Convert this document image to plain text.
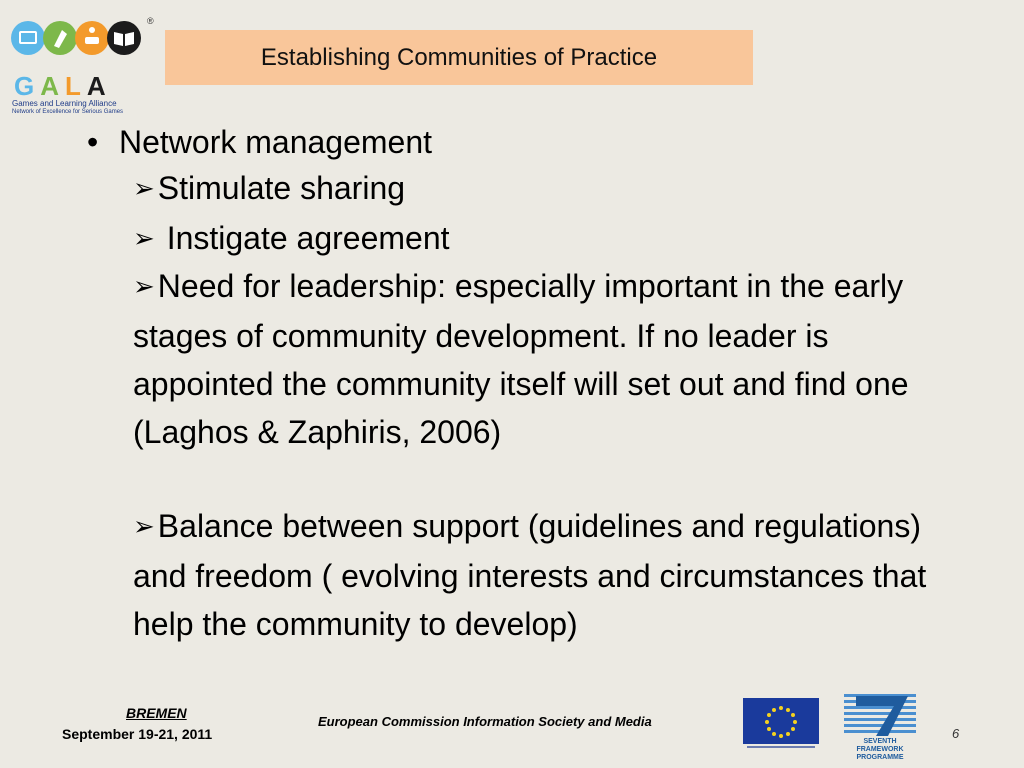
®
GALA
Games and Learning Alliance
Network of Excellence for Serious Games
Establishing Communities of Practice
• Network management
➢Stimulate sharing
➢ Instigate agreement
➢Need for leadership: especially important in the early stages of community development. If no leader is appointed the community itself will set out and find one (Laghos & Zaphiris, 2006)
➢Balance between support (guidelines and regulations) and freedom ( evolving interests and circumstances that help the community to develop)
BREMEN
September 19-21, 2011
European Commission Information Society and Media
SEVENTH FRAMEWORK
PROGRAMME
6
